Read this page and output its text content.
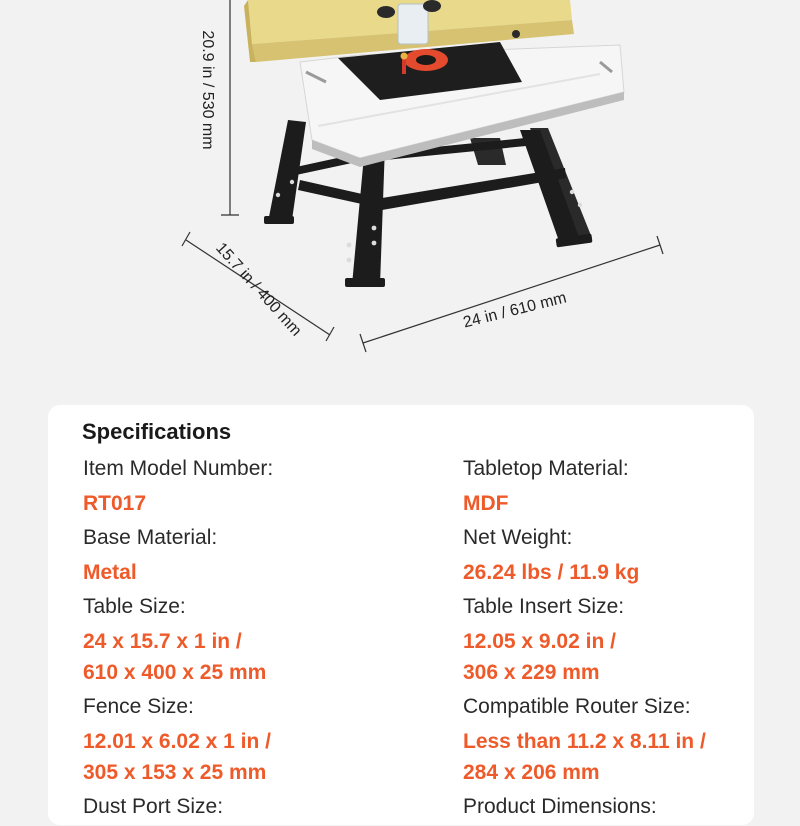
20.9 in / 530 mm
15.7 in / 400 mm	24 in / 610 mm
Specifications
Item Model Number:
RT017
Base Material:
Metal
Table Size:
24 x 15.7 x 1 in /
610 x 400 x 25 mm
Fence Size:
12.01 x 6.02 x 1 in /
305 x 153 x 25 mm
Dust Port Size:
Tabletop Material:
MDF
Net Weight:
26.24 lbs / 11.9 kg
Table Insert Size:
12.05 x 9.02 in /
306 x 229 mm
Compatible Router Size:
Less than 11.2 x 8.11 in /
284 x 206 mm
Product Dimensions:
